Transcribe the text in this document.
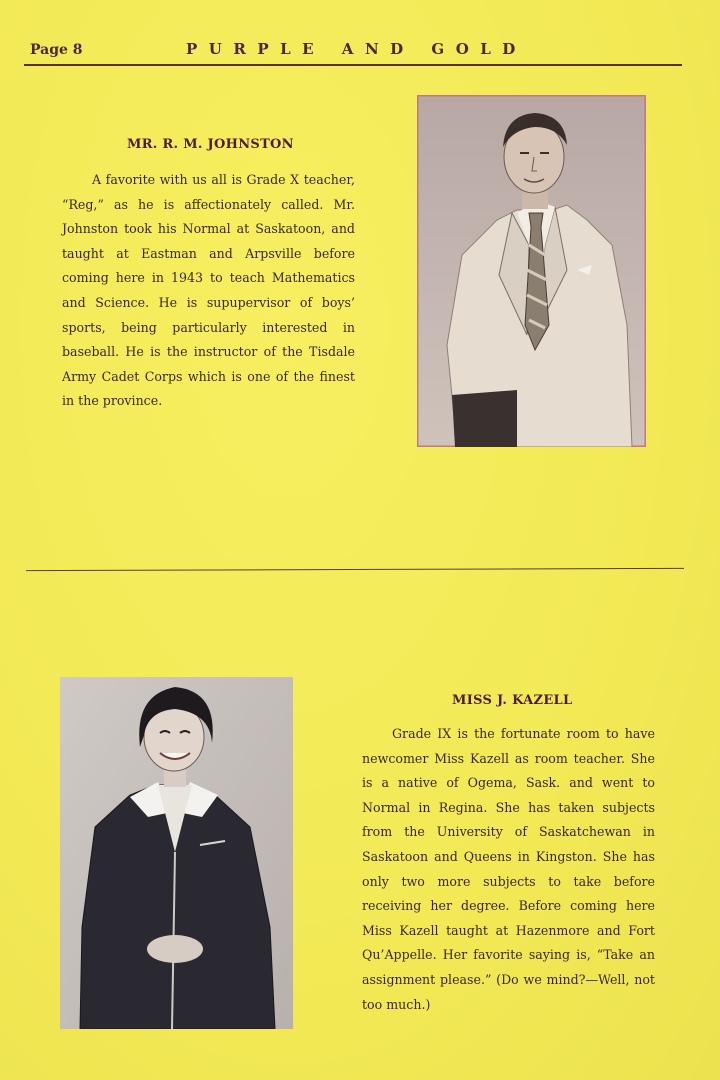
Page 8	PURPLE AND GOLD
MR. R. M. JOHNSTON

A favorite with us all is Grade X teacher, “Reg,” as he is affectionately called. Mr. Johnston took his Normal at Saskatoon, and taught at Eastman and Arpsville before coming here in 1943 to teach Mathematics and Science. He is supupervisor of boys’ sports, being particularly interested in baseball. He is the instructor of the Tisdale Army Cadet Corps which is one of the finest in the province.

MISS J. KAZELL

Grade IX is the fortunate room to have newcomer Miss Kazell as room teacher. She is a native of Ogema, Sask. and went to Normal in Regina. She has taken subjects from the University of Saskatchewan in Saskatoon and Queens in Kingston. She has only two more subjects to take before receiving her degree. Before coming here Miss Kazell taught at Hazenmore and Fort Qu’Appelle. Her favorite saying is, “Take an assignment please.” (Do we mind?—Well, not too much.)
